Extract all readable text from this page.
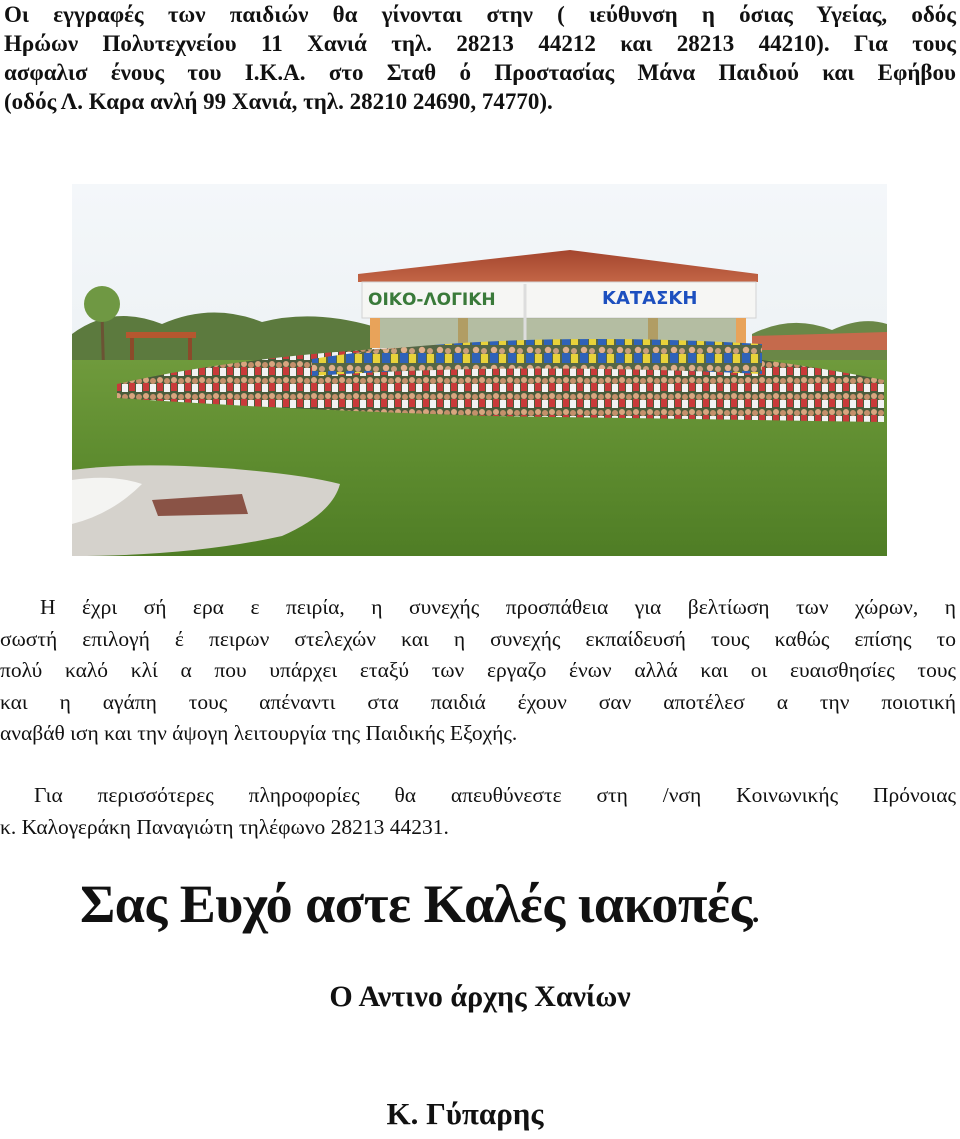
Οι εγγραφές των παιδιών θα γίνονται στην ( ιεύθυνση η όσιας Υγείας, οδός
Ηρώων Πολυτεχνείου 11 Χανιά τηλ. 28213 44212 και 28213 44210). Για τους
ασφαλισ ένους του Ι.Κ.Α. στο Σταθ ό Προστασίας Μάνα Παιδιού και Εφήβου
(οδός Λ. Καρα ανλή 99 Χανιά, τηλ. 28210 24690, 74770).

ΟΙΚΟ-ΛΟΓΙΚΗ	ΚΑΤΑΣΚΗ

Η έχρι σή ερα ε πειρία, η συνεχής προσπάθεια για βελτίωση των χώρων, η
σωστή επιλογή έ πειρων στελεχών και η συνεχής εκπαίδευσή τους καθώς επίσης το
πολύ καλό κλί α που υπάρχει εταξύ των εργαζο ένων αλλά και οι ευαισθησίες τους
και η αγάπη τους απέναντι στα παιδιά έχουν σαν αποτέλεσ α την ποιοτική
αναβάθ ιση και την άψογη λειτουργία της Παιδικής Εξοχής.

Για περισσότερες πληροφορίες θα απευθύνεστε στη /νση Κοινωνικής Πρόνοιας
κ. Καλογεράκη Παναγιώτη τηλέφωνο 28213 44231.

Σας Ευχό αστε Καλές ιακοπές.

Ο Αντινο άρχης Χανίων

Κ. Γύπαρης
